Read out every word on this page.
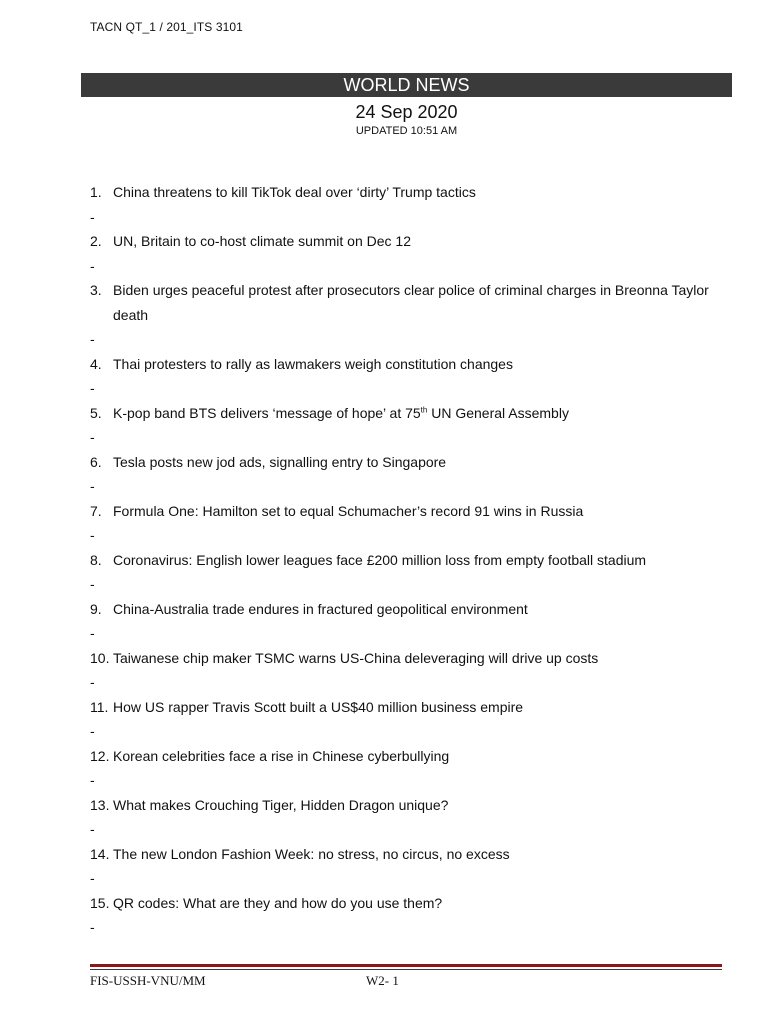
TACN QT_1 / 201_ITS 3101
WORLD NEWS
24 Sep 2020
UPDATED 10:51 AM
1. China threatens to kill TikTok deal over ‘dirty’ Trump tactics
-
2. UN, Britain to co-host climate summit on Dec 12
-
3. Biden urges peaceful protest after prosecutors clear police of criminal charges in Breonna Taylor death
-
4. Thai protesters to rally as lawmakers weigh constitution changes
-
5. K-pop band BTS delivers ‘message of hope’ at 75th UN General Assembly
-
6. Tesla posts new jod ads, signalling entry to Singapore
-
7. Formula One: Hamilton set to equal Schumacher’s record 91 wins in Russia
-
8. Coronavirus: English lower leagues face £200 million loss from empty football stadium
-
9. China-Australia trade endures in fractured geopolitical environment
-
10. Taiwanese chip maker TSMC warns US-China deleveraging will drive up costs
-
11. How US rapper Travis Scott built a US$40 million business empire
-
12. Korean celebrities face a rise in Chinese cyberbullying
-
13. What makes Crouching Tiger, Hidden Dragon unique?
-
14. The new London Fashion Week: no stress, no circus, no excess
-
15. QR codes: What are they and how do you use them?
-
FIS-USSH-VNU/MM	W2- 1
